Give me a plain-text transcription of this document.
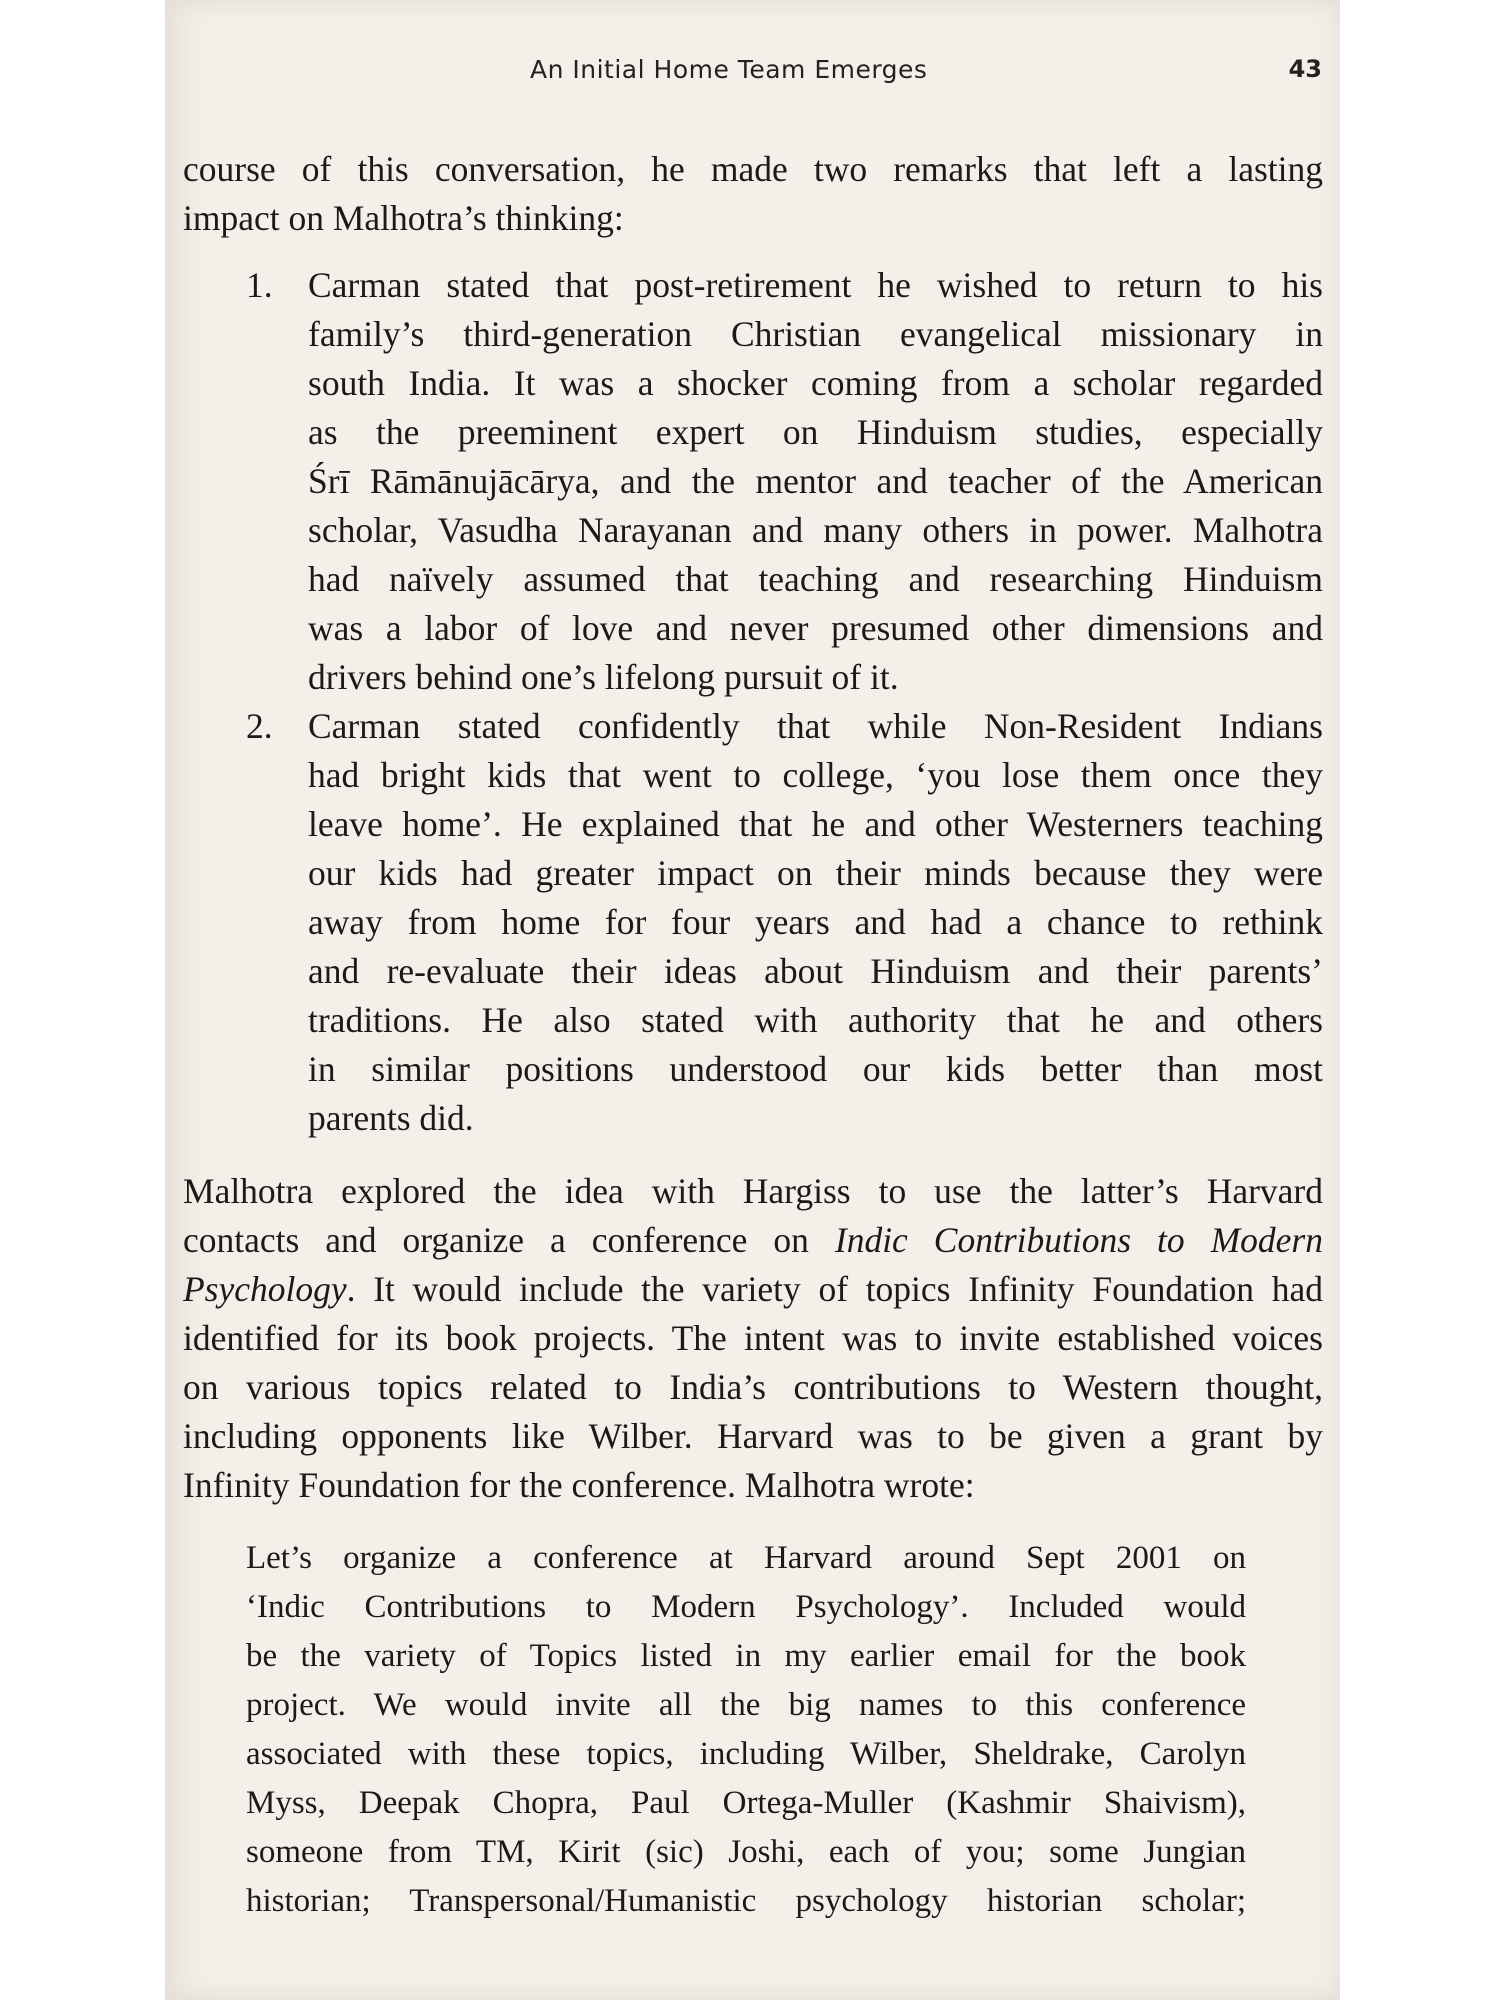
An Initial Home Team Emerges	43

course of this conversation, he made two remarks that left a lasting
impact on Malhotra’s thinking:

1. Carman stated that post-retirement he wished to return to his
family’s third-generation Christian evangelical missionary in
south India. It was a shocker coming from a scholar regarded
as the preeminent expert on Hinduism studies, especially
Śrī Rāmānujācārya, and the mentor and teacher of the American
scholar, Vasudha Narayanan and many others in power. Malhotra
had naïvely assumed that teaching and researching Hinduism
was a labor of love and never presumed other dimensions and
drivers behind one’s lifelong pursuit of it.
2. Carman stated confidently that while Non-Resident Indians
had bright kids that went to college, ‘you lose them once they
leave home’. He explained that he and other Westerners teaching
our kids had greater impact on their minds because they were
away from home for four years and had a chance to rethink
and re-evaluate their ideas about Hinduism and their parents’
traditions. He also stated with authority that he and others
in similar positions understood our kids better than most
parents did.

Malhotra explored the idea with Hargiss to use the latter’s Harvard
contacts and organize a conference on Indic Contributions to Modern
Psychology. It would include the variety of topics Infinity Foundation had
identified for its book projects. The intent was to invite established voices
on various topics related to India’s contributions to Western thought,
including opponents like Wilber. Harvard was to be given a grant by
Infinity Foundation for the conference. Malhotra wrote:

Let’s organize a conference at Harvard around Sept 2001 on
‘Indic Contributions to Modern Psychology’. Included would
be the variety of Topics listed in my earlier email for the book
project. We would invite all the big names to this conference
associated with these topics, including Wilber, Sheldrake, Carolyn
Myss, Deepak Chopra, Paul Ortega-Muller (Kashmir Shaivism),
someone from TM, Kirit (sic) Joshi, each of you; some Jungian
historian; Transpersonal/Humanistic psychology historian scholar;
